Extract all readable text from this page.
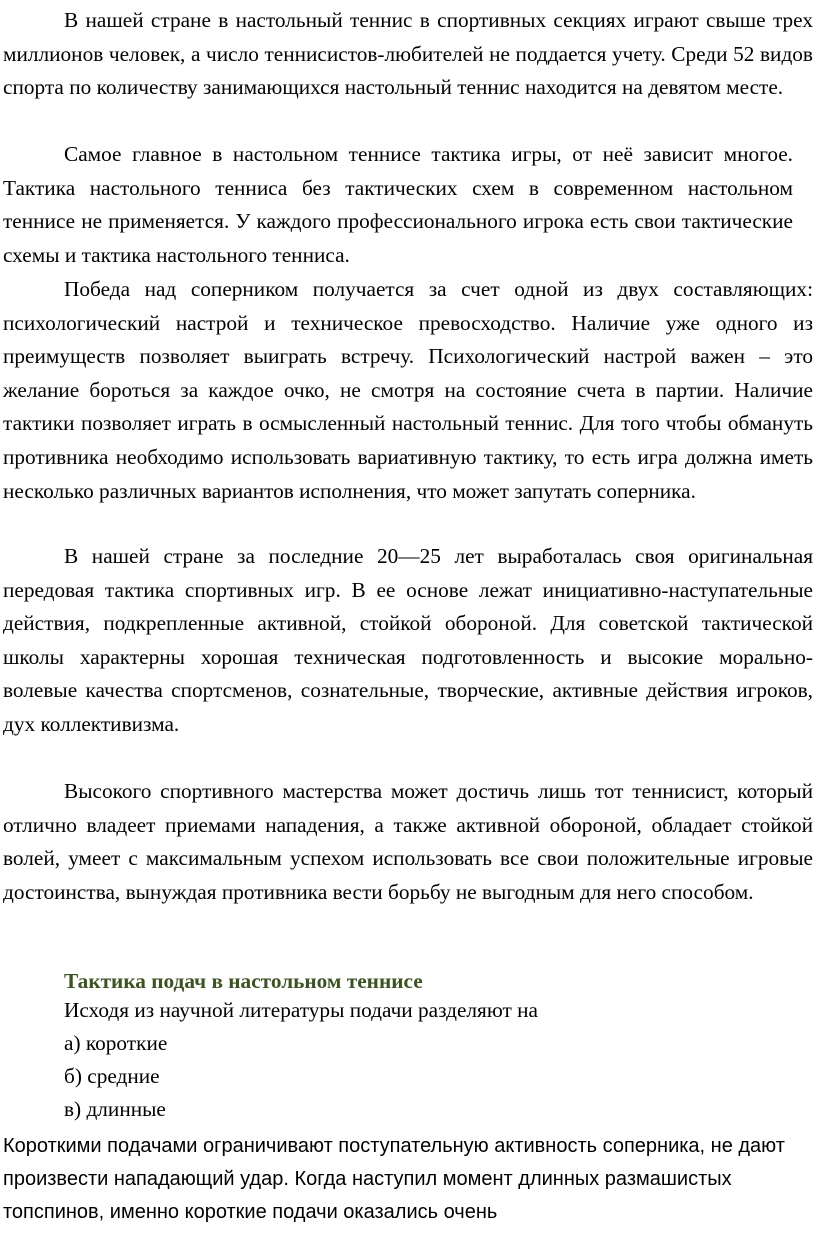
В нашей стране в настольный теннис в спортивных секциях играют свыше трех миллионов человек, а число теннисистов-любителей не поддается учету. Среди 52 видов спорта по количеству занимающихся настольный теннис находится на девятом месте.

Самое главное в настольном теннисе тактика игры, от неё зависит многое. Тактика настольного тенниса без тактических схем в современном настольном теннисе не применяется. У каждого профессионального игрока есть свои тактические схемы и тактика настольного тенниса.

Победа над соперником получается за счет одной из двух составляющих: психологический настрой и техническое превосходство. Наличие уже одного из преимуществ позволяет выиграть встречу. Психологический настрой важен – это желание бороться за каждое очко, не смотря на состояние счета в партии. Наличие тактики позволяет играть в осмысленный настольный теннис. Для того чтобы обмануть противника необходимо использовать вариативную тактику, то есть игра должна иметь несколько различных вариантов исполнения, что может запутать соперника.

В нашей стране за последние 20—25 лет выработалась своя оригинальная передовая тактика спортивных игр. В ее основе лежат инициативно-наступательные действия, подкрепленные активной, стойкой обороной. Для советской тактической школы характерны хорошая техническая подготовленность и высокие морально-волевые качества спортсменов, сознательные, творческие, активные действия игроков, дух коллективизма.

Высокого спортивного мастерства может достичь лишь тот теннисист, который отлично владеет приемами нападения, а также активной обороной, обладает стойкой волей, умеет с максимальным успехом использовать все свои положительные игровые достоинства, вынуждая противника вести борьбу не выгодным для него способом.

Тактика подач в настольном теннисе

Исходя из научной литературы подачи разделяют на

а) короткие
б) средние
в) длинные

Короткими подачами ограничивают поступательную активность соперника, не дают произвести нападающий удар. Когда наступил момент длинных размашистых топспинов, именно короткие подачи оказались очень
